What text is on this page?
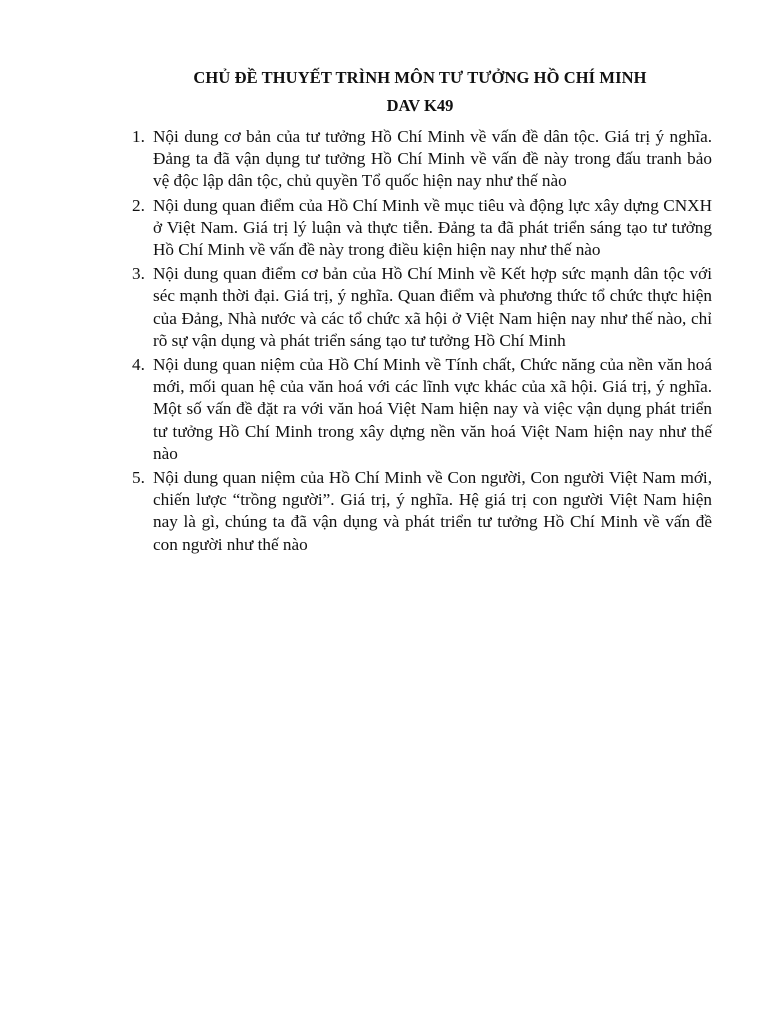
CHỦ ĐỀ THUYẾT TRÌNH MÔN TƯ TƯỞNG HỒ CHÍ MINH
DAV K49
1. Nội dung cơ bản của tư tưởng Hồ Chí Minh về vấn đề dân tộc. Giá trị ý nghĩa. Đảng ta đã vận dụng tư tưởng Hồ Chí Minh về vấn đề này trong đấu tranh bảo vệ độc lập dân tộc, chủ quyền Tổ quốc hiện nay như thế nào
2. Nội dung quan điểm của Hồ Chí Minh về mục tiêu và động lực xây dựng CNXH ở Việt Nam. Giá trị lý luận và thực tiễn. Đảng ta đã phát triển sáng tạo tư tưởng Hồ Chí Minh về vấn đề này trong điều kiện hiện nay như thế nào
3. Nội dung quan điểm cơ bản của Hồ Chí Minh về Kết hợp sức mạnh dân tộc với séc mạnh thời đại. Giá trị, ý nghĩa. Quan điểm và phương thức tổ chức thực hiện của Đảng, Nhà nước và các tổ chức xã hội ở Việt Nam hiện nay như thế nào, chỉ rõ sự vận dụng và phát triển sáng tạo tư tưởng Hồ Chí Minh
4. Nội dung quan niệm của Hồ Chí Minh về Tính chất, Chức năng của nền văn hoá mới, mối quan hệ của văn hoá với các lĩnh vực khác của xã hội. Giá trị, ý nghĩa. Một số vấn đề đặt ra với văn hoá Việt Nam hiện nay và việc vận dụng phát triển tư tưởng Hồ Chí Minh trong xây dựng nền văn hoá Việt Nam hiện nay như thế nào
5. Nội dung quan niệm của Hồ Chí Minh về Con người, Con người Việt Nam mới, chiến lược “trồng người”. Giá trị, ý nghĩa. Hệ giá trị con người Việt Nam hiện nay là gì, chúng ta đã vận dụng và phát triển tư tưởng Hồ Chí Minh về vấn đề con người như thế nào
